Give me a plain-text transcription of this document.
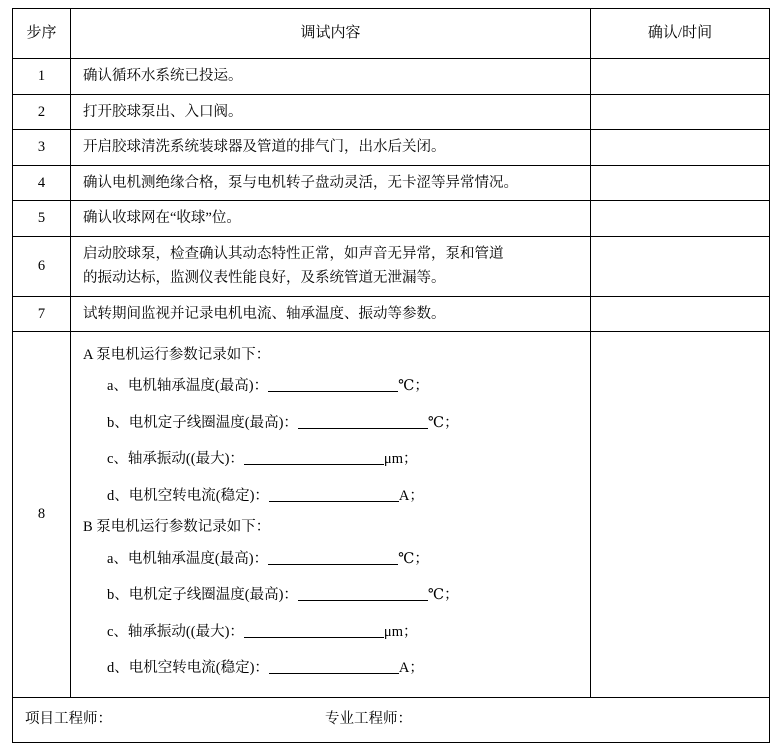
步序	调试内容	确认/时间
1	确认循环水系统已投运。	
2	打开胶球泵出、入口阀。	
3	开启胶球清洗系统装球器及管道的排气门，出水后关闭。	
4	确认电机测绝缘合格，泵与电机转子盘动灵活，无卡涩等异常情况。	
5	确认收球网在“收球”位。	
6	启动胶球泵，检查确认其动态特性正常，如声音无异常，泵和管道

的振动达标，监测仪表性能良好，及系统管道无泄漏等。	

7	试转期间监视并记录电机电流、轴承温度、振动等参数。	
8	
A 泵电机运行参数记录如下：
a、电机轴承温度(最高)：	℃；
b、电机定子线圈温度(最高)：	℃；
c、轴承振动((最大)：	μm；
d、电机空转电流(稳定)：	A；
B 泵电机运行参数记录如下：
a、电机轴承温度(最高)：	℃；
b、电机定子线圈温度(最高)：	℃；
c、轴承振动((最大)：	μm；
d、电机空转电流(稳定)：	A；

项目工程师： 专业工程师：		
